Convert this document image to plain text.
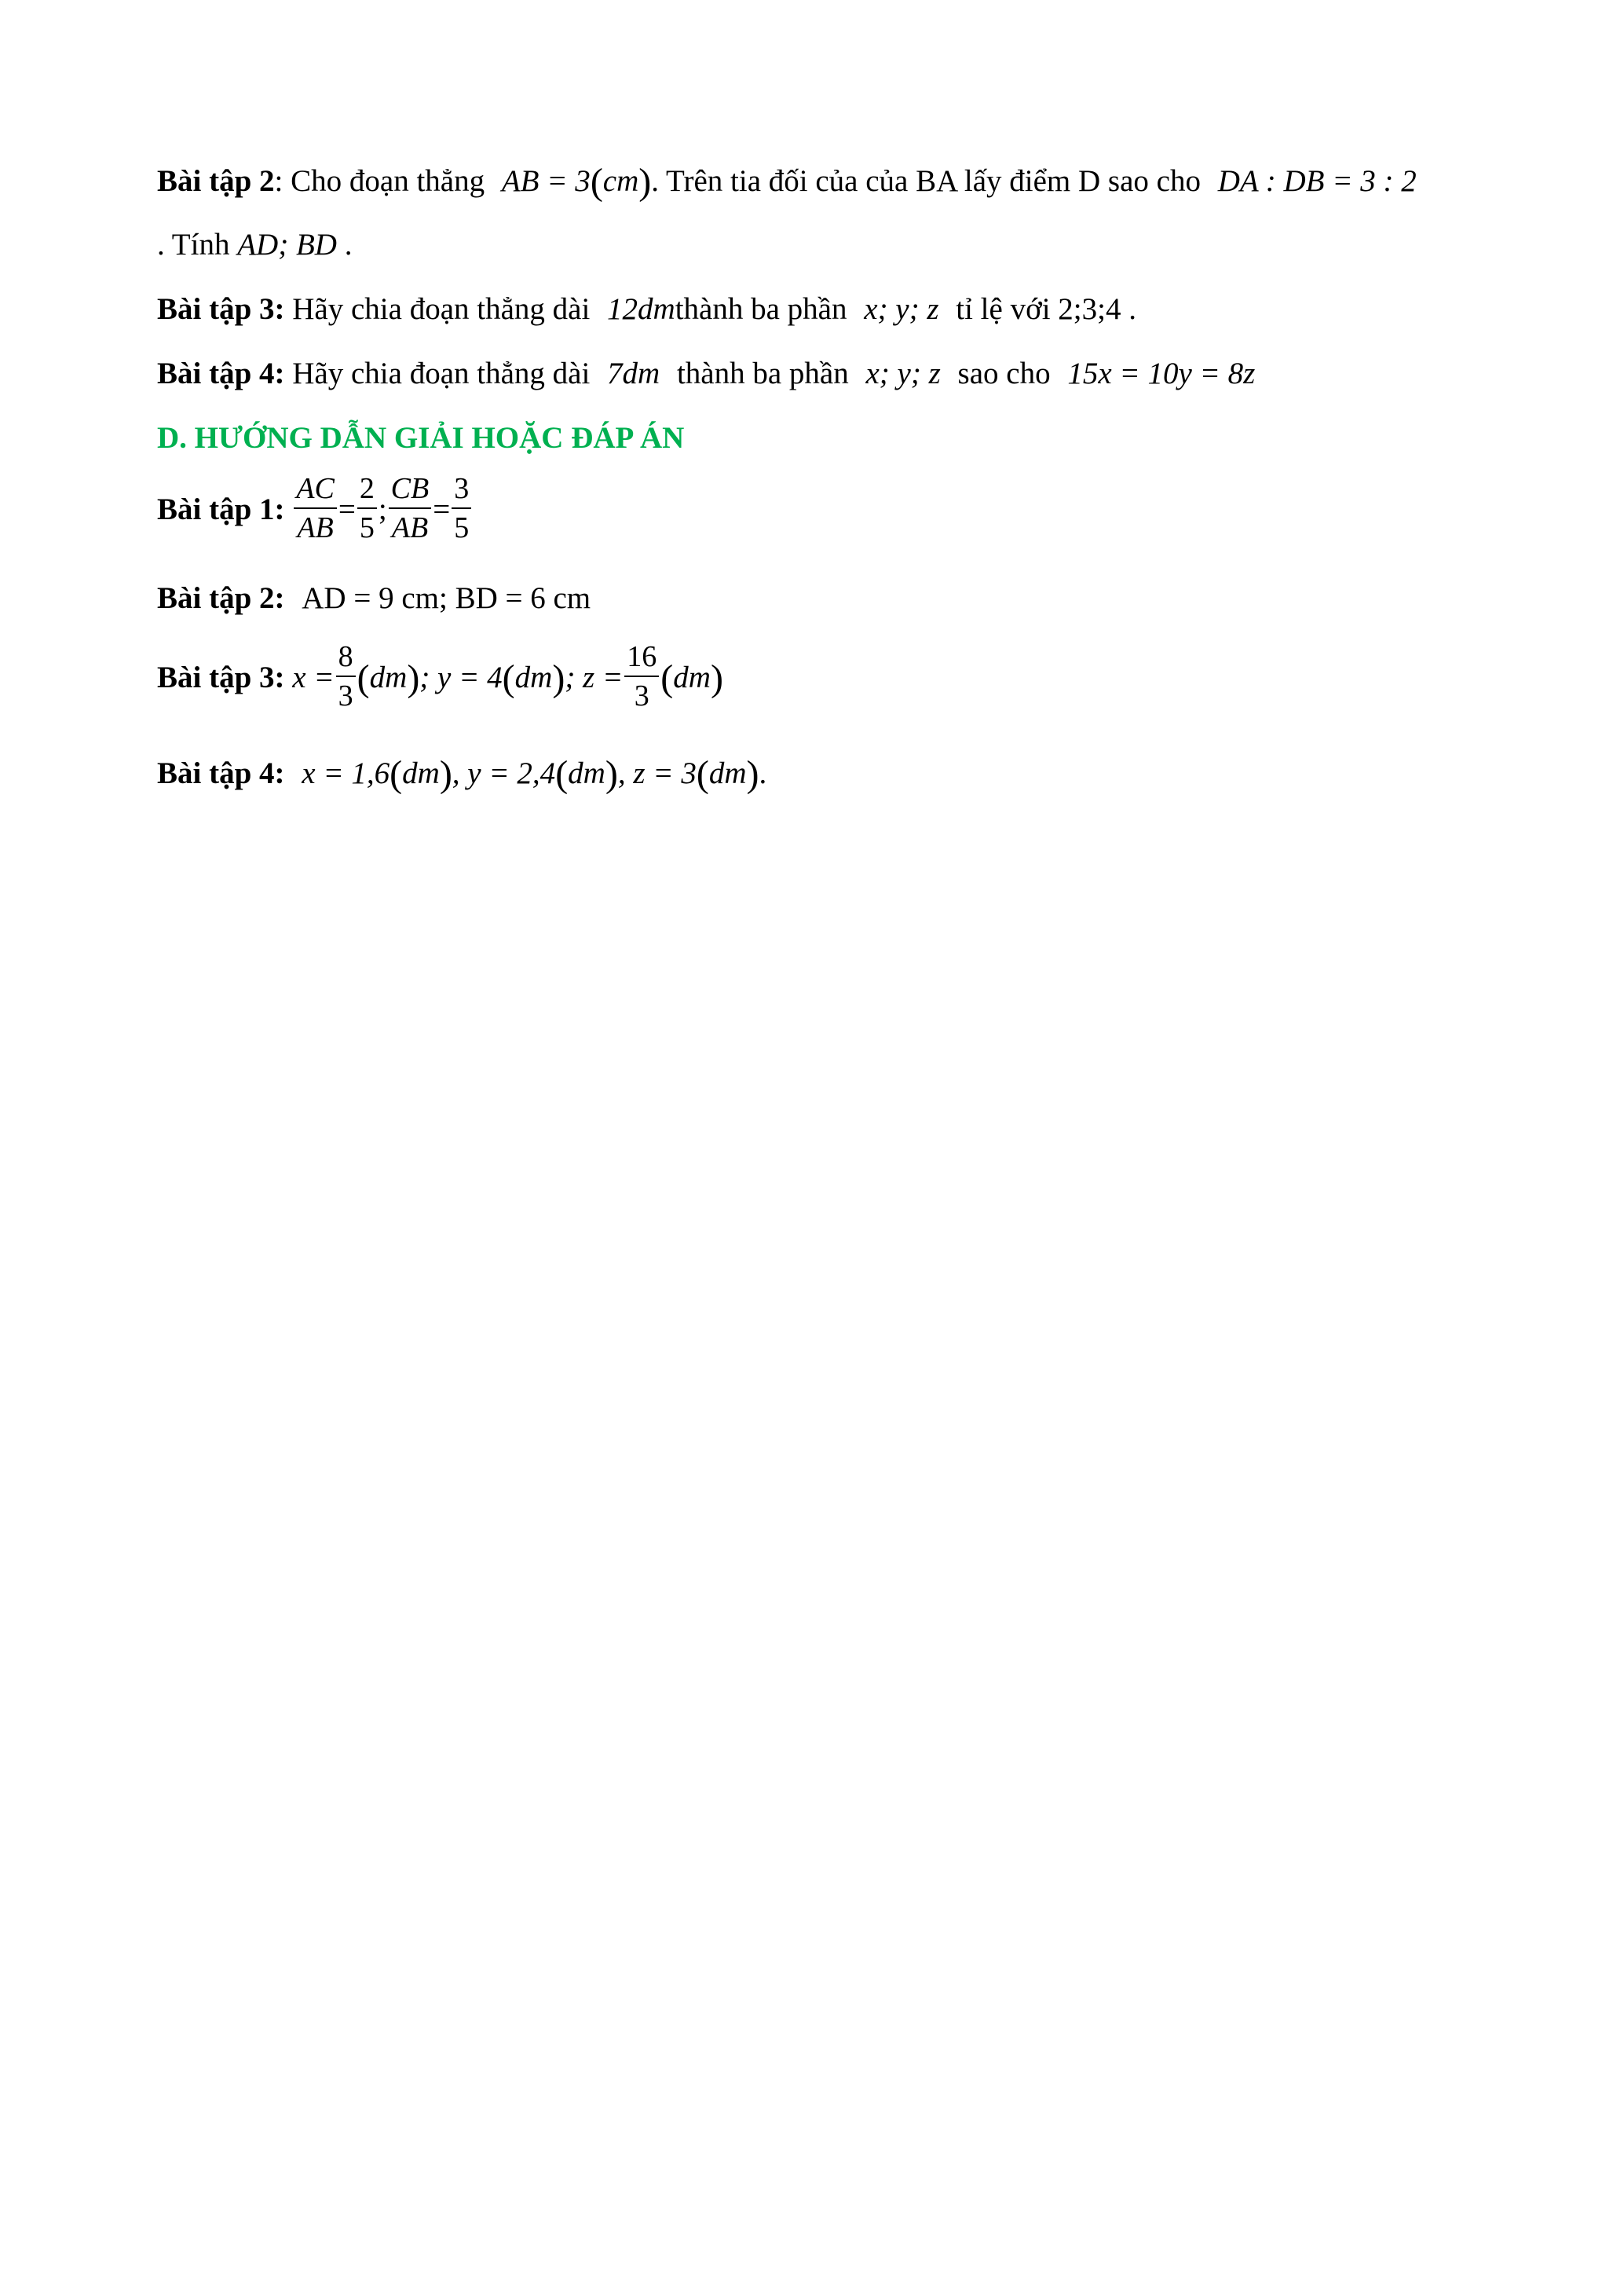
Bài tập 2: Cho đoạn thẳng AB = 3(cm). Trên tia đối của của BA lấy điểm D sao cho DA : DB = 3 : 2
. Tính AD; BD .
Bài tập 3: Hãy chia đoạn thẳng dài 12dmthành ba phần x; y; z tỉ lệ với 2;3;4 .
Bài tập 4: Hãy chia đoạn thẳng dài 7dm thành ba phần x; y; z sao cho 15x = 10y = 8z
D. HƯỚNG DẪN GIẢI HOẶC ĐÁP ÁN
Bài tập 1: $\frac{AC}{AB} = \frac{2}{5}$ ; $\frac{CB}{AB} = \frac{3}{5}$
Bài tập 2: AD = 9 cm; BD = 6 cm
Bài tập 3: $x = \frac{8}{3} (dm)$; y = 4(dm); $z = \frac{16}{3} (dm)$
Bài tập 4: x = 1,6(dm), y = 2,4(dm), z = 3(dm).
